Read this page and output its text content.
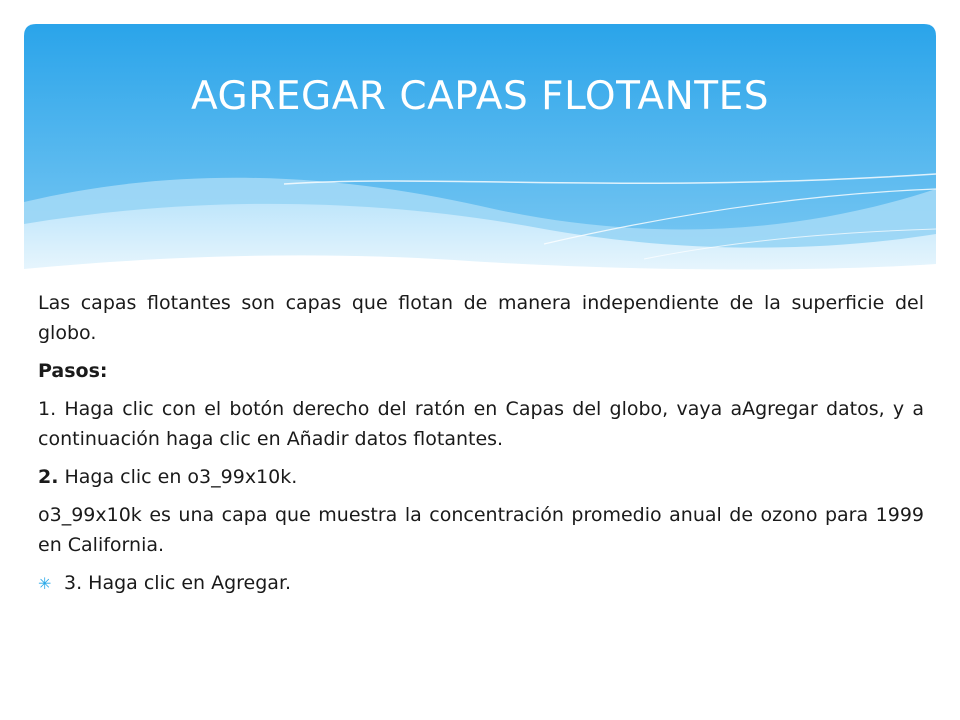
AGREGAR CAPAS FLOTANTES

Las capas flotantes son capas que flotan de manera independiente de la superficie del globo.

Pasos:

1. Haga clic con el botón derecho del ratón en Capas del globo, vaya aAgregar datos, y a continuación haga clic en Añadir datos flotantes.

2. Haga clic en o3_99x10k.

o3_99x10k es una capa que muestra la concentración promedio anual de ozono para 1999 en California.

✳ 3. Haga clic en Agregar.
